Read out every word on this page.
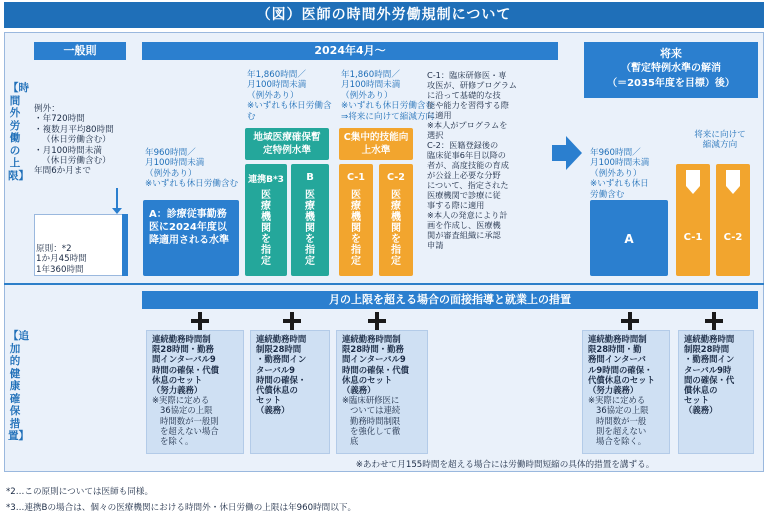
（図）医師の時間外労働規制について
【時間外労働の上限】
【追加的健康確保措置】
一般則
例外：
・年720時間
・複数月平均80時間
（休日労働含む）
・月100時間未満
（休日労働含む）
年間6か月まで
原則：*2
1か月45時間
1年360時間
2024年4月～
年960時間／
月100時間未満
（例外あり）
※いずれも休日労働含む
A：診療従事勤務医に2024年度以降適用される水準
年1,860時間／
月100時間未満
（例外あり）
※いずれも休日労働含む
年1,860時間／
月100時間未満
（例外あり）
※いずれも休日労働含む
⇒将来に向けて縮減方向
地域医療確保暫定特例水準
C集中的技能向上水準
連携B*3
医療機関を指定
B
医療機関を指定
C-1
医療機関を指定
C-2
医療機関を指定
C-1：臨床研修医・専
攻医が、研修プログラム
に沿って基礎的な技
能や能力を習得する際
に適用
※本人がプログラムを
選択
C-2：医籍登録後の
臨床従事6年目以降の
者が、高度技能の育成
が公益上必要な分野
について、指定された
医療機関で診療に従
事する際に適用
※本人の発意により計
画を作成し、医療機
関が審査組織に承認
申請
将来
（暫定特例水準の解消
（＝2035年度を目標）後）
年960時間／
月100時間未満
（例外あり）
※いずれも休日
労働含む
将来に向けて
縮減方向
A	C-1	C-2
月の上限を超える場合の面接指導と就業上の措置
連続勤務時間制
限28時間・勤務
間インターバル9
時間の確保・代償
休息のセット
（努力義務）
※実際に定める
36協定の上限
時間数が一般則
を超えない場合
を除く。
連続勤務時間
制限28時間
・勤務間イン
ターバル9
時間の確保・
代償休息の
セット
（義務）
連続勤務時間制
限28時間・勤務
間インターバル9
時間の確保・代償
休息のセット
（義務）
※臨床研修医に
ついては連続
勤務時間制限
を強化して徹
底
連続勤務時間制
限28時間・勤
務間インターバ
ル9時間の確保・
代償休息のセット
（努力義務）
※実際に定める
36協定の上限
時間数が一般
則を超えない
場合を除く。
連続勤務時間
制限28時間
・勤務間イン
ターバル9時
間の確保・代
償休息の
セット
（義務）
※あわせて月155時間を超える場合には労働時間短縮の具体的措置を講ずる。
*2…この原則については医師も同様。
*3…連携Bの場合は、個々の医療機関における時間外・休日労働の上限は年960時間以下。
